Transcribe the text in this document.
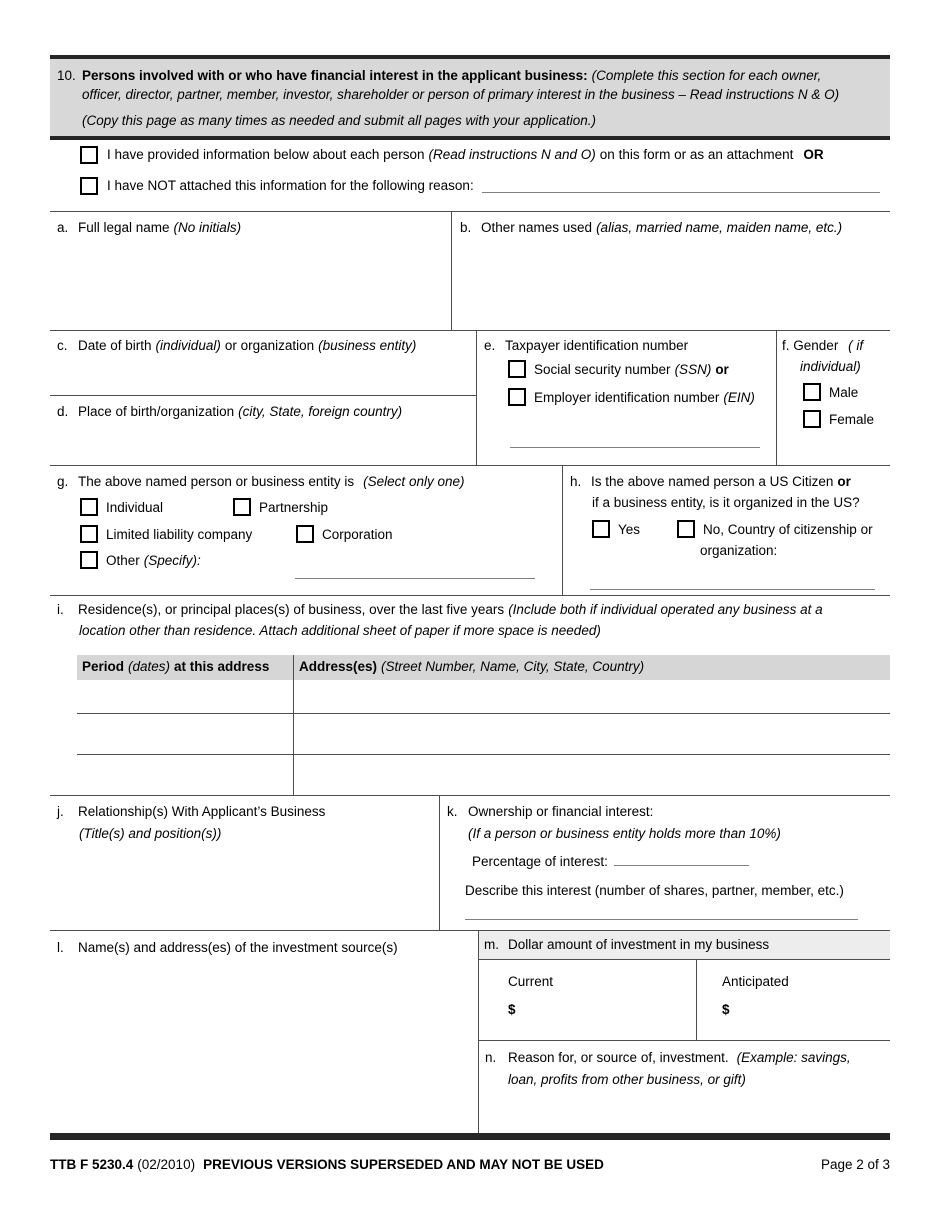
10. Persons involved with or who have financial interest in the applicant business: (Complete this section for each owner,
officer, director, partner, member, investor, shareholder or person of primary interest in the business – Read instructions N & O)
(Copy this page as many times as needed and submit all pages with your application.)
I have provided information below about each person (Read instructions N and O) on this form or as an attachment OR
I have NOT attached this information for the following reason:
a. Full legal name (No initials)	b. Other names used (alias, married name, maiden name, etc.)
c. Date of birth (individual) or organization (business entity)
d. Place of birth/organization (city, State, foreign country)
e. Taxpayer identification number
Social security number (SSN) or
Employer identification number (EIN)
f. Gender ( if
individual)
Male
Female
g. The above named person or business entity is (Select only one)
Individual	Partnership
Limited liability company	Corporation
Other (Specify):
h. Is the above named person a US Citizen or
if a business entity, is it organized in the US?
Yes	No, Country of citizenship or
organization:
i. Residence(s), or principal places(s) of business, over the last five years (Include both if individual operated any business at a
location other than residence. Attach additional sheet of paper if more space is needed)
Period (dates) at this address Address(es) (Street Number, Name, City, State, Country)
j. Relationship(s) With Applicant’s Business
(Title(s) and position(s))
k. Ownership or financial interest:
(If a person or business entity holds more than 10%)
Percentage of interest:
Describe this interest (number of shares, partner, member, etc.)
l. Name(s) and address(es) of the investment source(s)	m. Dollar amount of investment in my business
Current
$
Anticipated
$
n. Reason for, or source of, investment. (Example: savings,
loan, profits from other business, or gift)
TTB F 5230.4 (02/2010) PREVIOUS VERSIONS SUPERSEDED AND MAY NOT BE USED	Page 2 of 3
